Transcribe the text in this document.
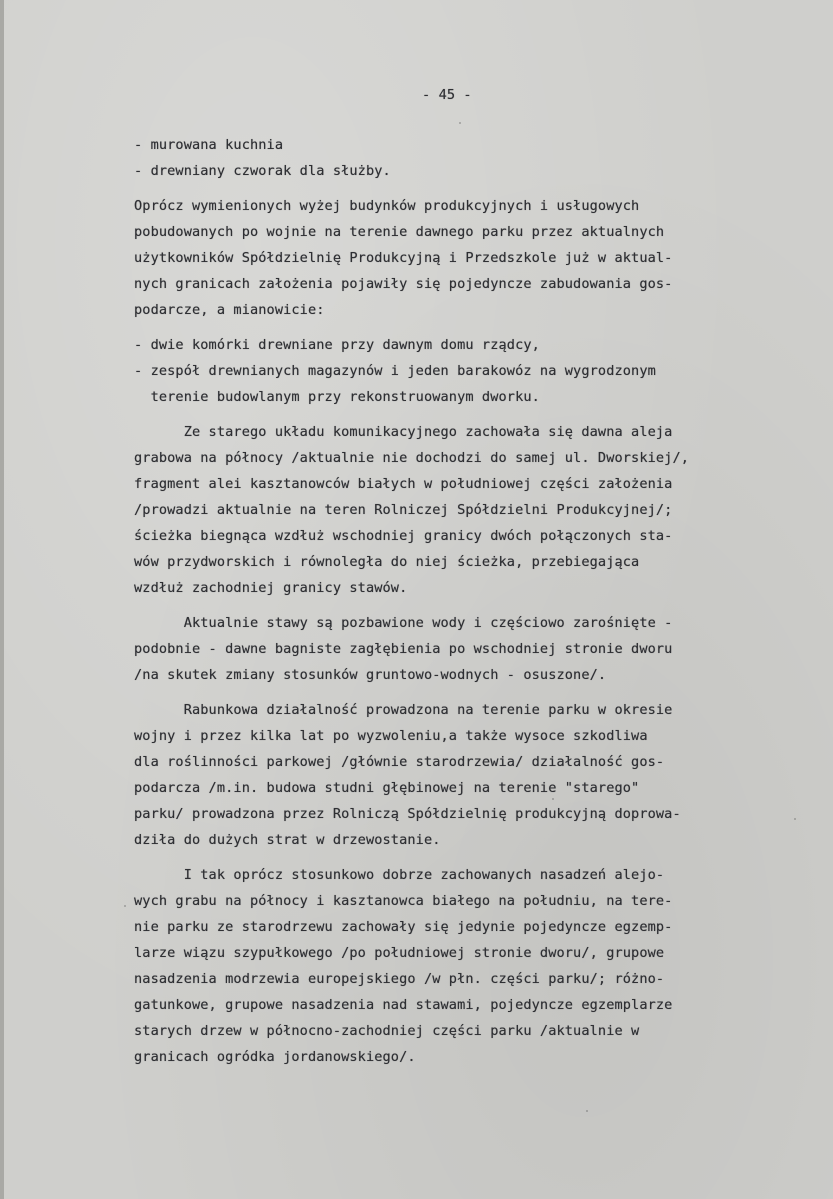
- 45 -

- murowana kuchnia

- drewniany czworak dla służby.

Oprócz wymienionych wyżej budynków produkcyjnych i usługowych

pobudowanych po wojnie na terenie dawnego parku przez aktualnych

użytkowników Spółdzielnię Produkcyjną i Przedszkole już w aktual-

nych granicach założenia pojawiły się pojedyncze zabudowania gos-

podarcze, a mianowicie:

- dwie komórki drewniane przy dawnym domu rządcy,

- zespół drewnianych magazynów i jeden barakowóz na wygrodzonym

terenie budowlanym przy rekonstruowanym dworku.

Ze starego układu komunikacyjnego zachowała się dawna aleja

grabowa na północy /aktualnie nie dochodzi do samej ul. Dworskiej/,

fragment alei kasztanowców białych w południowej części założenia

/prowadzi aktualnie na teren Rolniczej Spółdzielni Produkcyjnej/;

ścieżka biegnąca wzdłuż wschodniej granicy dwóch połączonych sta-

wów przydworskich i równoległa do niej ścieżka, przebiegająca

wzdłuż zachodniej granicy stawów.

Aktualnie stawy są pozbawione wody i częściowo zarośnięte -

podobnie - dawne bagniste zagłębienia po wschodniej stronie dworu

/na skutek zmiany stosunków gruntowo-wodnych - osuszone/.

Rabunkowa działalność prowadzona na terenie parku w okresie

wojny i przez kilka lat po wyzwoleniu,a także wysoce szkodliwa

dla roślinności parkowej /głównie starodrzewia/ działalność gos-

podarcza /m.in. budowa studni głębinowej na terenie "starego"

parku/ prowadzona przez Rolniczą Spółdzielnię produkcyjną doprowa-

dziła do dużych strat w drzewostanie.

I tak oprócz stosunkowo dobrze zachowanych nasadzeń alejo-

wych grabu na północy i kasztanowca białego na południu, na tere-

nie parku ze starodrzewu zachowały się jedynie pojedyncze egzemp-

larze wiązu szypułkowego /po południowej stronie dworu/, grupowe

nasadzenia modrzewia europejskiego /w płn. części parku/; różno-

gatunkowe, grupowe nasadzenia nad stawami, pojedyncze egzemplarze

starych drzew w północno-zachodniej części parku /aktualnie w

granicach ogródka jordanowskiego/.
